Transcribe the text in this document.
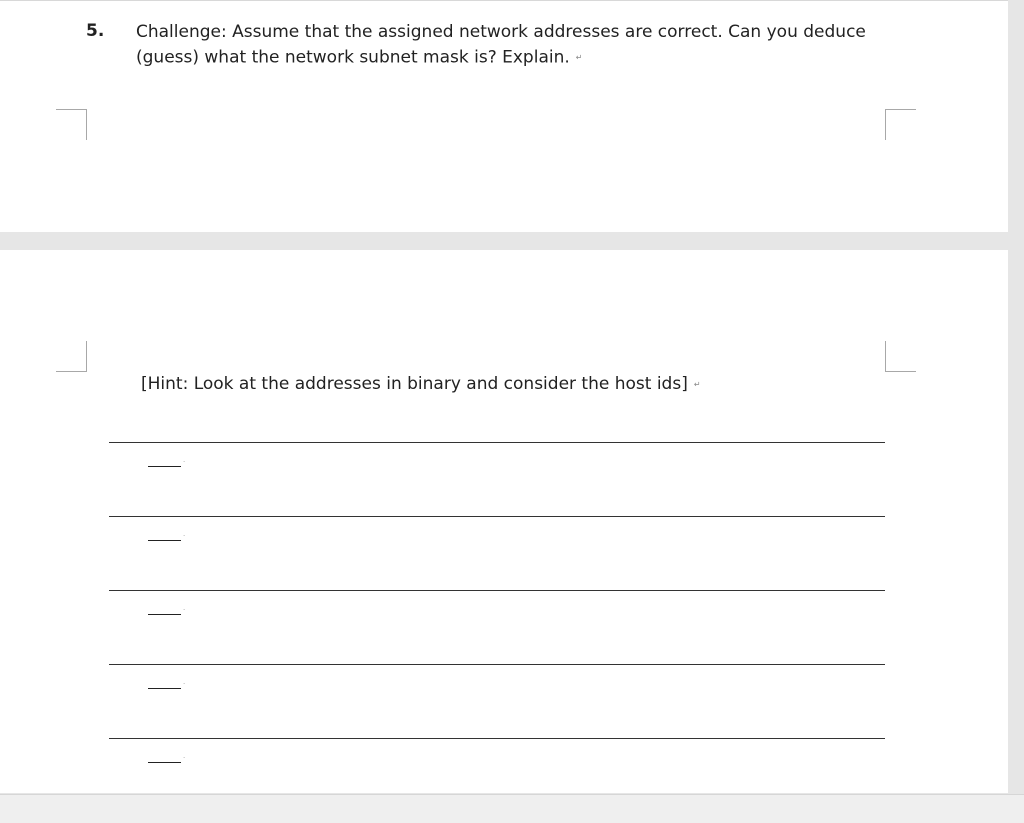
5. Challenge: Assume that the assigned network addresses are correct. Can you deduce
(guess) what the network subnet mask is? Explain. ↵
[Hint: Look at the addresses in binary and consider the host ids] ↵
·
·
·
·
·
